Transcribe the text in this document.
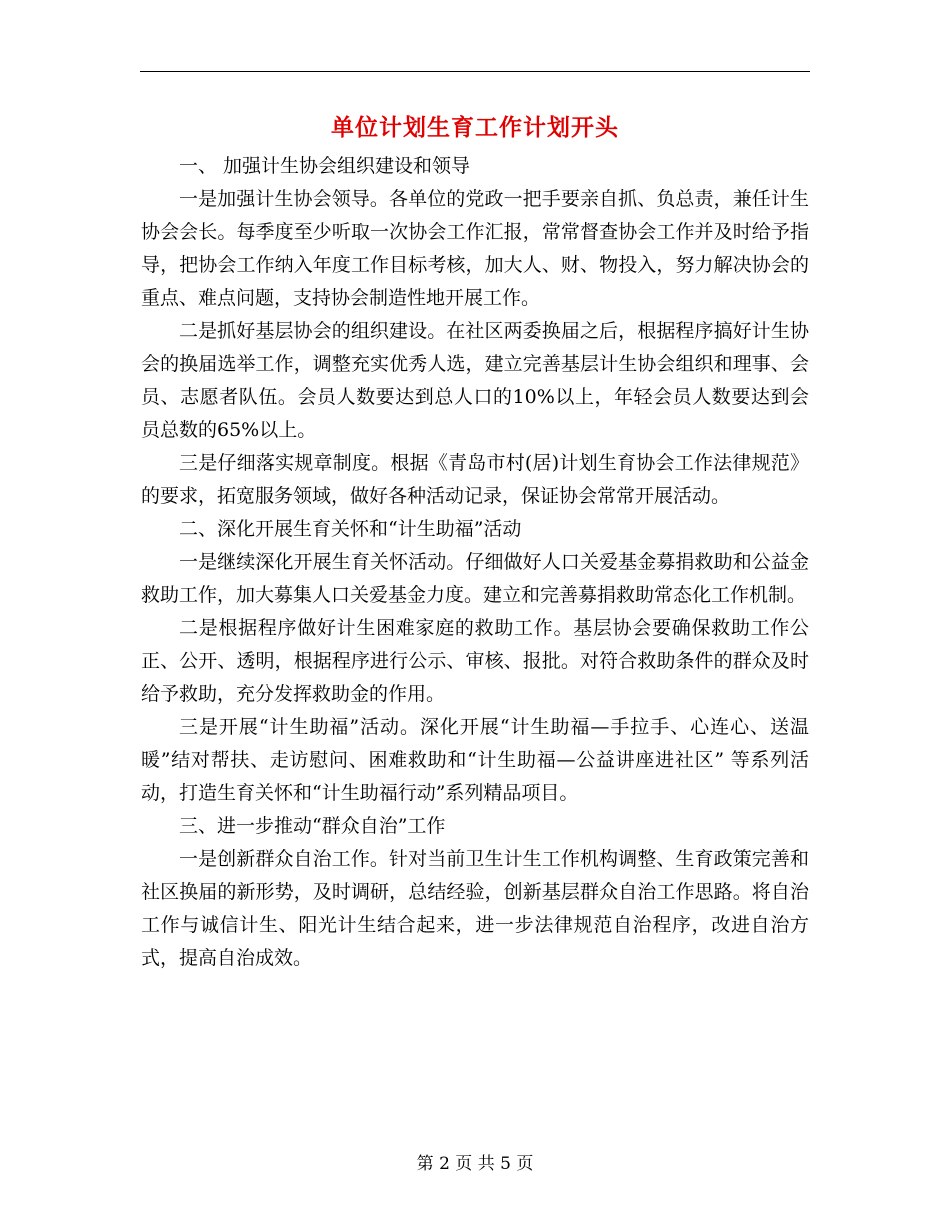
单位计划生育工作计划开头

一、 加强计生协会组织建设和领导

一是加强计生协会领导。各单位的党政一把手要亲自抓、负总责，兼任计生协会会长。每季度至少听取一次协会工作汇报，常常督查协会工作并及时给予指导，把协会工作纳入年度工作目标考核，加大人、财、物投入，努力解决协会的重点、难点问题，支持协会制造性地开展工作。

二是抓好基层协会的组织建设。在社区两委换届之后，根据程序搞好计生协会的换届选举工作，调整充实优秀人选，建立完善基层计生协会组织和理事、会员、志愿者队伍。会员人数要达到总人口的10%以上，年轻会员人数要达到会员总数的65%以上。

三是仔细落实规章制度。根据《青岛市村(居)计划生育协会工作法律规范》的要求，拓宽服务领域，做好各种活动记录，保证协会常常开展活动。

二、深化开展生育关怀和“计生助福”活动

一是继续深化开展生育关怀活动。仔细做好人口关爱基金募捐救助和公益金救助工作，加大募集人口关爱基金力度。建立和完善募捐救助常态化工作机制。

二是根据程序做好计生困难家庭的救助工作。基层协会要确保救助工作公正、公开、透明，根据程序进行公示、审核、报批。对符合救助条件的群众及时给予救助，充分发挥救助金的作用。

三是开展“计生助福”活动。深化开展“计生助福—手拉手、心连心、送温暖”结对帮扶、走访慰问、困难救助和“计生助福—公益讲座进社区” 等系列活动，打造生育关怀和“计生助福行动”系列精品项目。

三、进一步推动“群众自治”工作

一是创新群众自治工作。针对当前卫生计生工作机构调整、生育政策完善和社区换届的新形势，及时调研，总结经验，创新基层群众自治工作思路。将自治工作与诚信计生、阳光计生结合起来，进一步法律规范自治程序，改进自治方式，提高自治成效。

第 2 页 共 5 页
